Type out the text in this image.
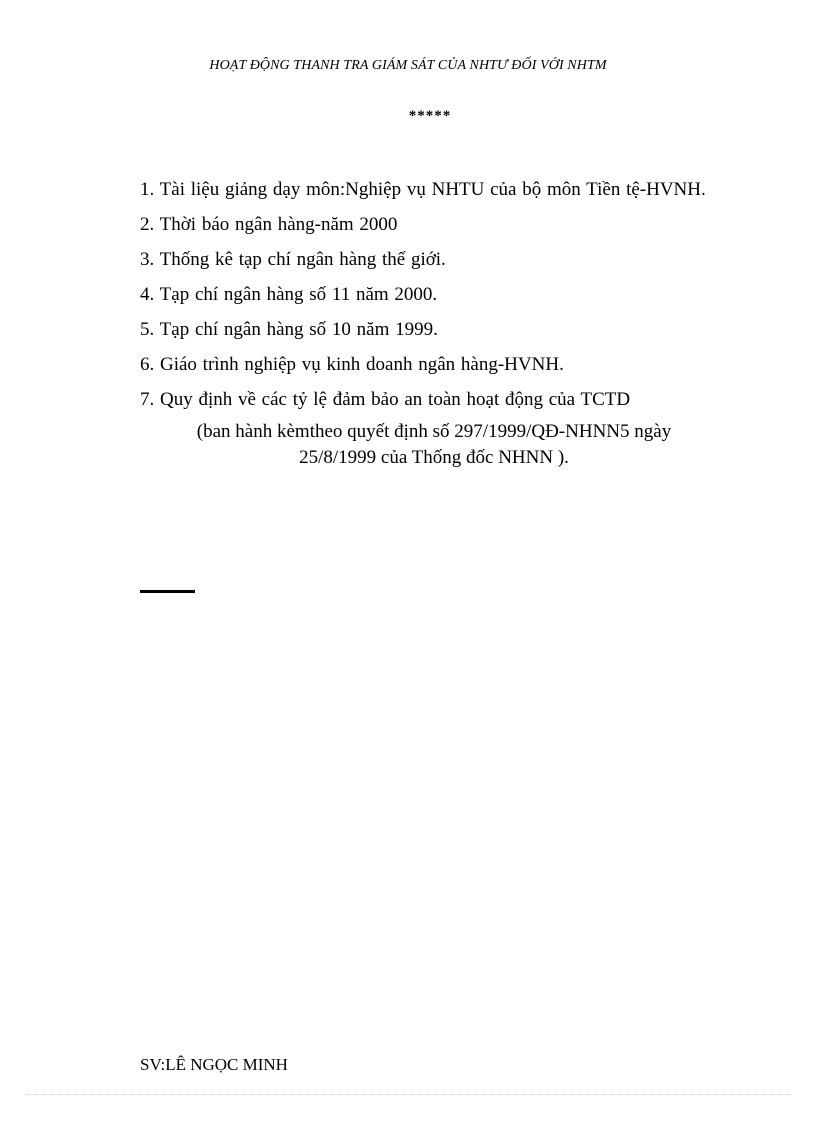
HOẠT ĐỘNG THANH TRA GIÁM SÁT CỦA NHTƯ ĐỐI VỚI NHTM
*****
1. Tài liệu giảng dạy môn:Nghiệp vụ NHTU của bộ môn Tiền tệ-HVNH.
2. Thời báo ngân hàng-năm 2000
3. Thống kê tạp chí ngân hàng thế giới.
4. Tạp chí ngân hàng số 11 năm 2000.
5. Tạp chí ngân hàng số 10 năm 1999.
6. Giáo trình nghiệp vụ kinh doanh ngân hàng-HVNH.
7. Quy định về các tỷ lệ đảm bảo an toàn hoạt động của TCTD
(ban hành kèmtheo quyết định số 297/1999/QĐ-NHNN5 ngày
25/8/1999 của Thống đốc NHNN ).
SV:LÊ NGỌC MINH
